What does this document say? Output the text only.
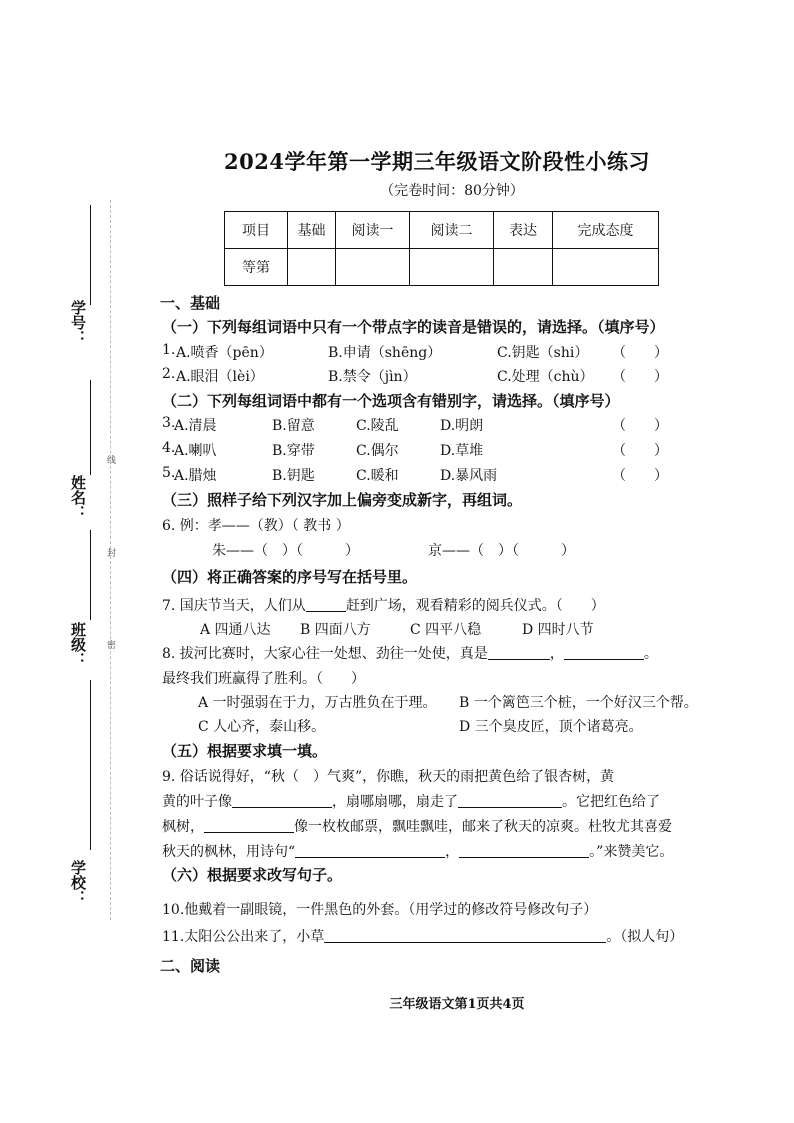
学号：
姓名：
班级：
学校：
线
封
密
2024学年第一学期三年级语文阶段性小练习
（完卷时间：80分钟）
项目	基础	阅读一	阅读二	表达	完成态度
等第					
一、基础
（一）下列每组词语中只有一个带点字的读音是错误的，请选择。（填序号）
1. A.喷香（pēn）	B.申请（shēng）	C.钥匙（shi） （　　）
2. A.眼泪（lèi）	B.禁令（jìn）	C.处理（chù） （　　）
（二）下列每组词语中都有一个选项含有错别字，请选择。（填序号）
3.
A.清晨	B.留意	C.陵乱	D.明朗	（　　）
4.
A.喇叭	B.穿带	C.偶尔	D.草堆	（　　）
5.
A.腊烛	B.钥匙	C.暖和	D.暴风雨	（　　）
（三）照样子给下列汉字加上偏旁变成新字，再组词。
6. 例：孝——（教）（ 教书 ）
朱——（　）（　　　）	京——（　）（　　　）
（四）将正确答案的序号写在括号里。
7. 国庆节当天，人们从	赶到广场，观看精彩的阅兵仪式。（　　）
A 四通八达 B 四面八方	C 四平八稳	D 四时八节
8. 拔河比赛时，大家心往一处想、劲往一处使，真是	，	。
最终我们班赢得了胜利。（　　）
A 一时强弱在于力，万古胜负在于理。 B 一个篱笆三个桩，一个好汉三个帮。
C 人心齐，泰山移。	D 三个臭皮匠，顶个诸葛亮。
（五）根据要求填一填。
9. 俗话说得好，“秋（　）气爽”，你瞧，秋天的雨把黄色给了银杏树，黄
黄的叶子像	，扇哪扇哪，扇走了	。它把红色给了
枫树，	像一枚枚邮票，飘哇飘哇，邮来了秋天的凉爽。杜牧尤其喜爱
秋天的枫林，用诗句“	，	。”来赞美它。
（六）根据要求改写句子。
10.他戴着一副眼镜，一件黑色的外套。（用学过的修改符号修改句子）
11.太阳公公出来了，小草	。（拟人句）
二、阅读
三年级语文第1页共4页
